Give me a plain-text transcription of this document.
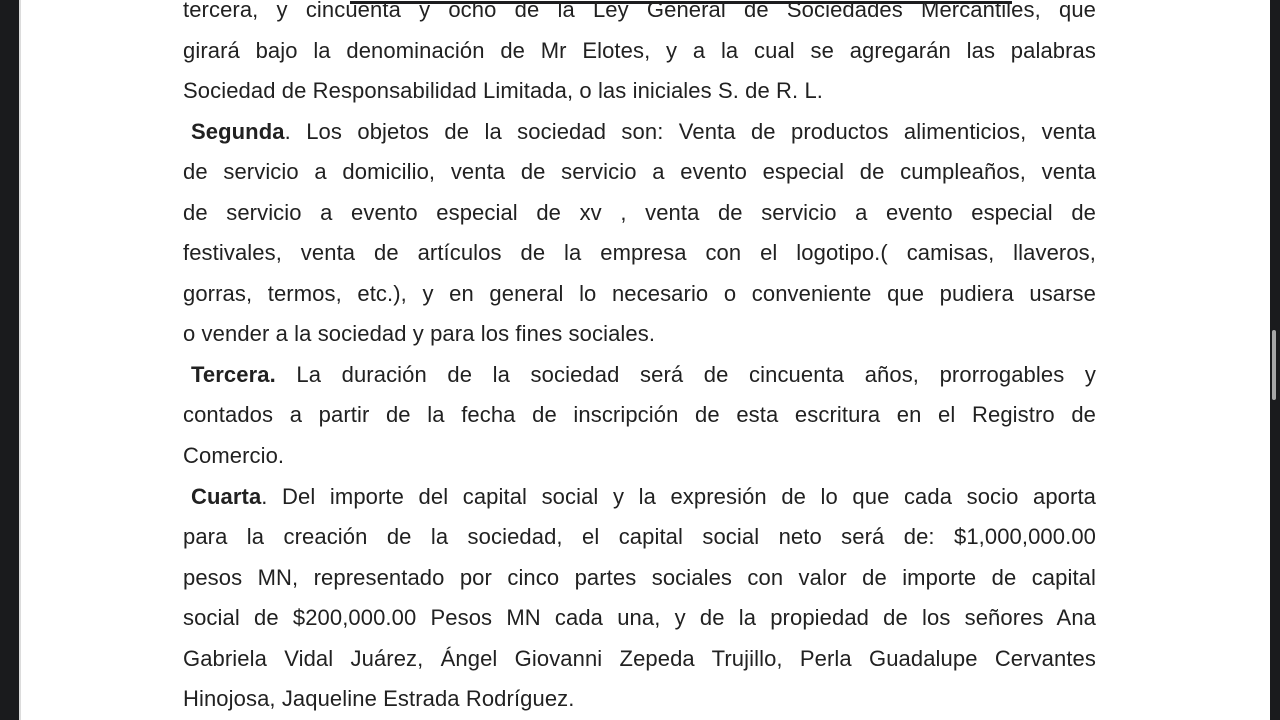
tercera, y cincuenta y ocho de la Ley General de Sociedades Mercantiles, que
girará bajo la denominación de Mr Elotes, y a la cual se agregarán las palabras
Sociedad de Responsabilidad Limitada, o las iniciales S. de R. L.
Segunda. Los objetos de la sociedad son: Venta de productos alimenticios, venta
de servicio a domicilio, venta de servicio a evento especial de cumpleaños, venta
de servicio a evento especial de xv , venta de servicio a evento especial de
festivales, venta de artículos de la empresa con el logotipo.( camisas, llaveros,
gorras, termos, etc.), y en general lo necesario o conveniente que pudiera usarse
o vender a la sociedad y para los fines sociales.
Tercera. La duración de la sociedad será de cincuenta años, prorrogables y
contados a partir de la fecha de inscripción de esta escritura en el Registro de
Comercio.
Cuarta. Del importe del capital social y la expresión de lo que cada socio aporta
para la creación de la sociedad, el capital social neto será de: $1,000,000.00
pesos MN, representado por cinco partes sociales con valor de importe de capital
social de $200,000.00 Pesos MN cada una, y de la propiedad de los señores Ana
Gabriela Vidal Juárez, Ángel Giovanni Zepeda Trujillo, Perla Guadalupe Cervantes
Hinojosa, Jaqueline Estrada Rodríguez.
